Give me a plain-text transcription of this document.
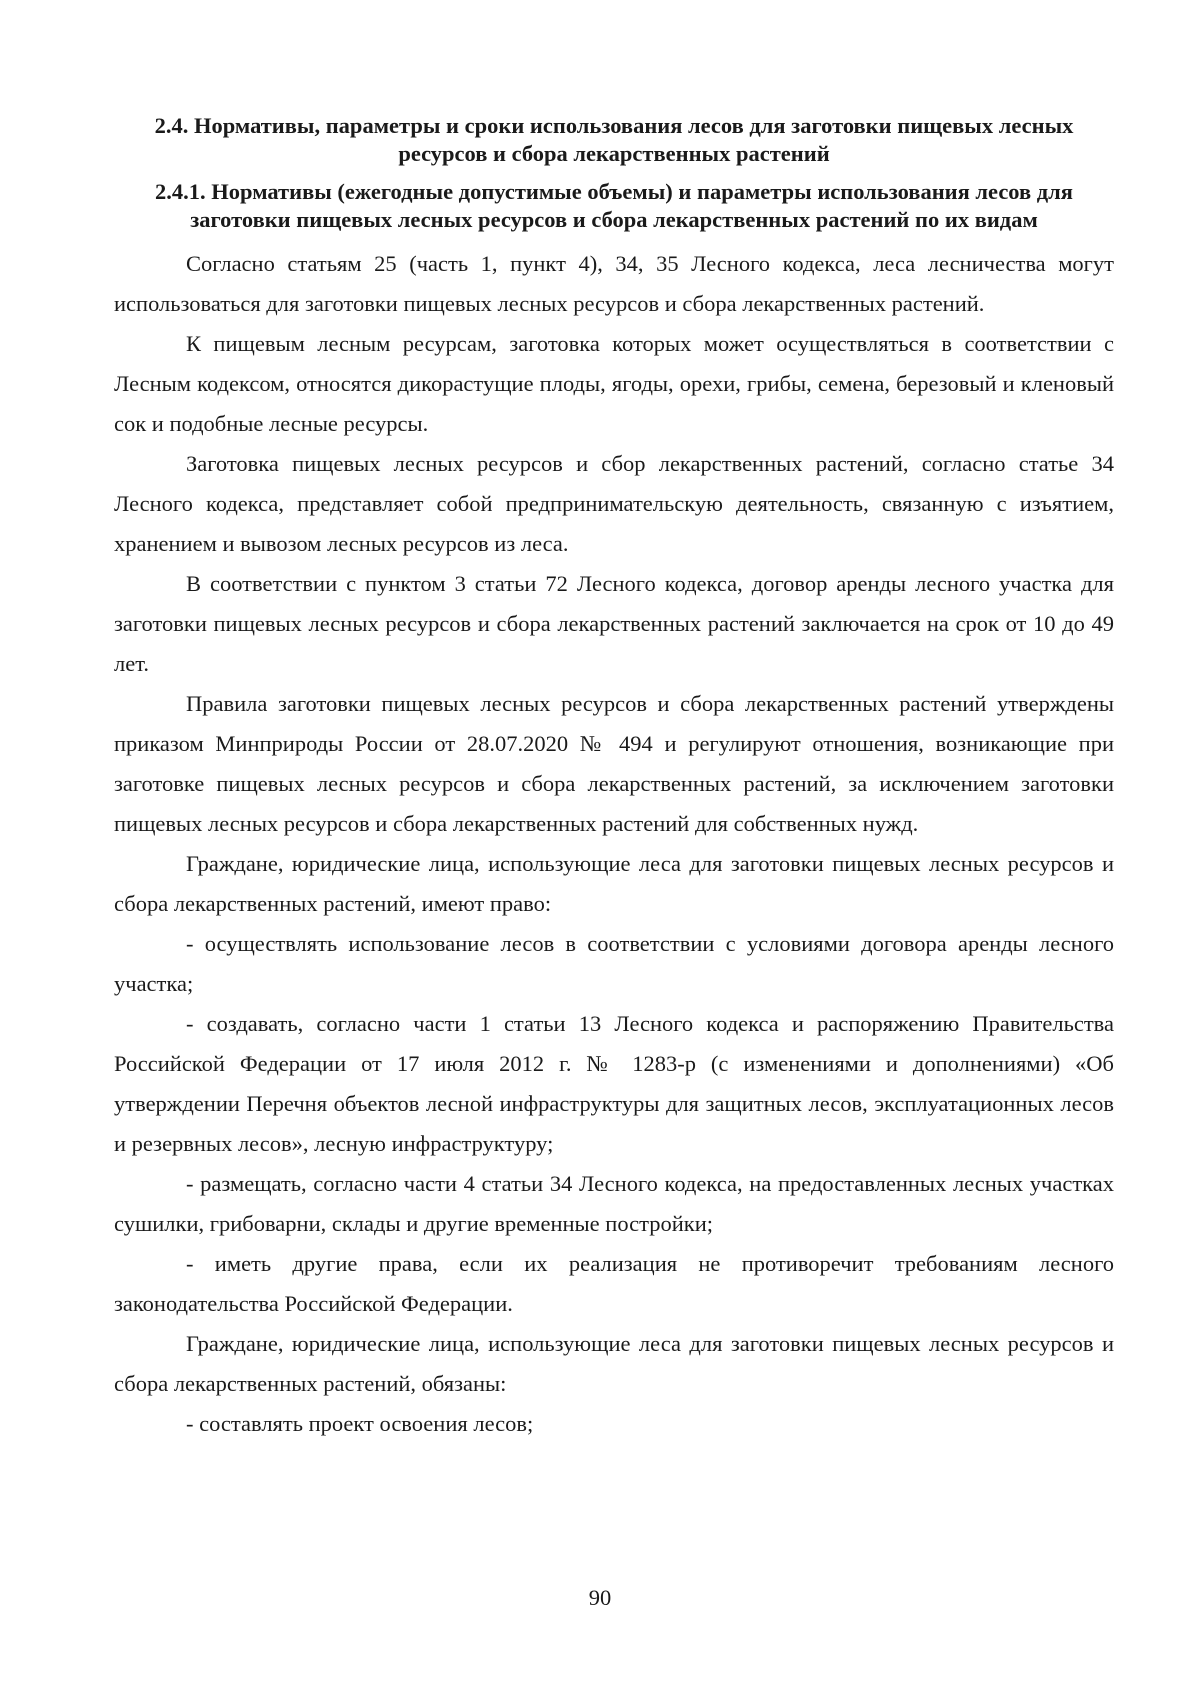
2.4. Нормативы, параметры и сроки использования лесов для заготовки пищевых лесных ресурсов и сбора лекарственных растений

2.4.1. Нормативы (ежегодные допустимые объемы) и параметры использования лесов для заготовки пищевых лесных ресурсов и сбора лекарственных растений по их видам

Согласно статьям 25 (часть 1, пункт 4), 34, 35 Лесного кодекса, леса лесничества могут использоваться для заготовки пищевых лесных ресурсов и сбора лекарственных растений.

К пищевым лесным ресурсам, заготовка которых может осуществляться в соответствии с Лесным кодексом, относятся дикорастущие плоды, ягоды, орехи, грибы, семена, березовый и кленовый сок и подобные лесные ресурсы.

Заготовка пищевых лесных ресурсов и сбор лекарственных растений, согласно статье 34 Лесного кодекса, представляет собой предпринимательскую деятельность, связанную с изъятием, хранением и вывозом лесных ресурсов из леса.

В соответствии с пунктом 3 статьи 72 Лесного кодекса, договор аренды лесного участка для заготовки пищевых лесных ресурсов и сбора лекарственных растений заключается на срок от 10 до 49 лет.

Правила заготовки пищевых лесных ресурсов и сбора лекарственных растений утверждены приказом Минприроды России от 28.07.2020 № 494 и регулируют отношения, возникающие при заготовке пищевых лесных ресурсов и сбора лекарственных растений, за исключением заготовки пищевых лесных ресурсов и сбора лекарственных растений для собственных нужд.

Граждане, юридические лица, использующие леса для заготовки пищевых лесных ресурсов и сбора лекарственных растений, имеют право:

- осуществлять использование лесов в соответствии с условиями договора аренды лесного участка;

- создавать, согласно части 1 статьи 13 Лесного кодекса и распоряжению Правительства Российской Федерации от 17 июля 2012 г. № 1283-р (с изменениями и дополнениями) «Об утверждении Перечня объектов лесной инфраструктуры для защитных лесов, эксплуатационных лесов и резервных лесов», лесную инфраструктуру;

- размещать, согласно части 4 статьи 34 Лесного кодекса, на предоставленных лесных участках сушилки, грибоварни, склады и другие временные постройки;

- иметь другие права, если их реализация не противоречит требованиям лесного законодательства Российской Федерации.

Граждане, юридические лица, использующие леса для заготовки пищевых лесных ресурсов и сбора лекарственных растений, обязаны:

- составлять проект освоения лесов;

90
